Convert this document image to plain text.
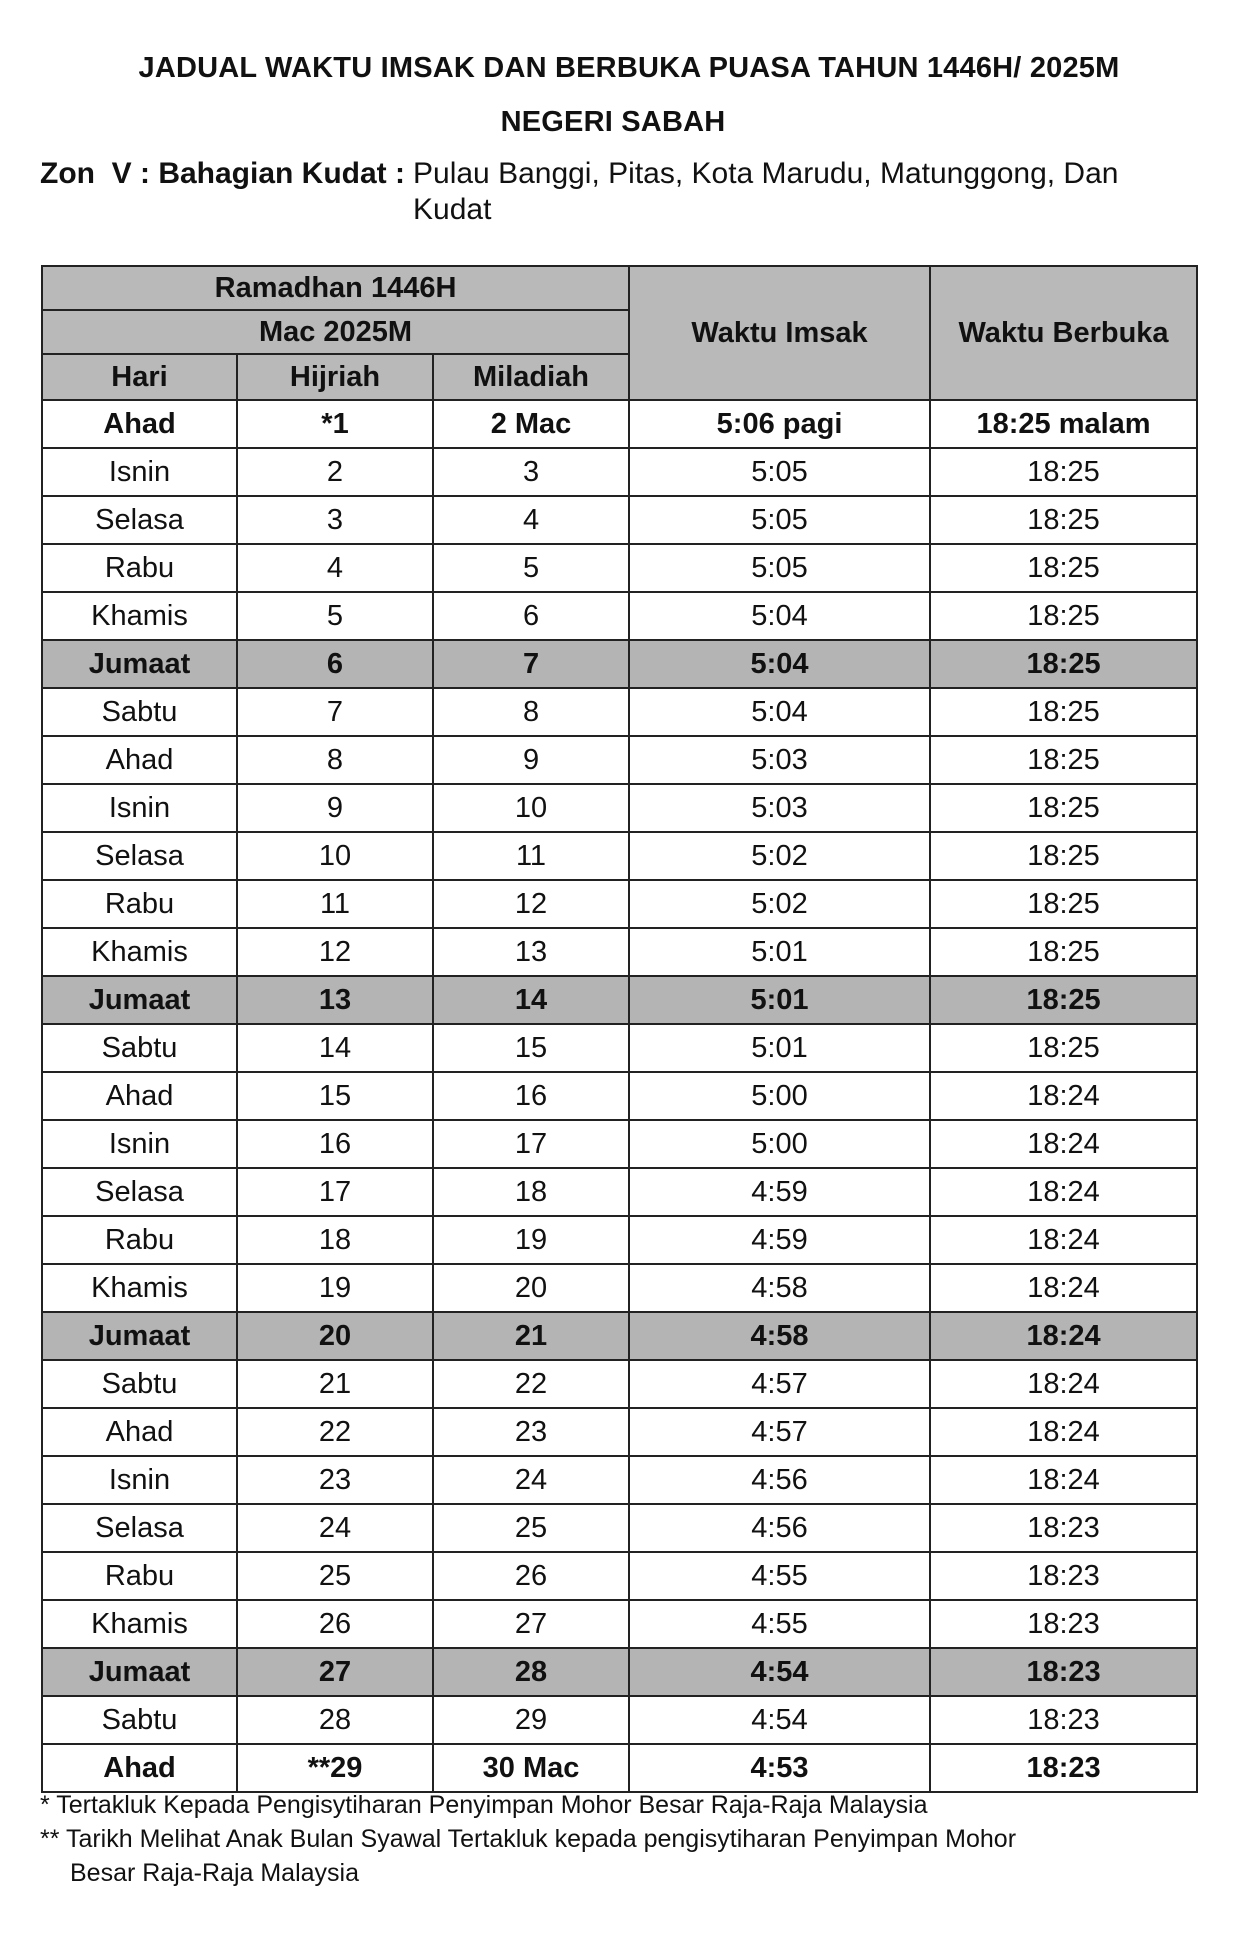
JADUAL WAKTU IMSAK DAN BERBUKA PUASA TAHUN 1446H/ 2025M
NEGERI SABAH
Zon  V : Bahagian Kudat : Pulau Banggi, Pitas, Kota Marudu, Matunggong, Dan Kudat
Ramadhan 1446H			Waktu Imsak	Waktu Berbuka
Mac 2025M				
Hari	Hijriah	Miladiah		
Ahad	*1	2 Mac	5:06 pagi	18:25 malam
Isnin	2	3	5:05	18:25
Selasa	3	4	5:05	18:25
Rabu	4	5	5:05	18:25
Khamis	5	6	5:04	18:25
Jumaat	6	7	5:04	18:25
Sabtu	7	8	5:04	18:25
Ahad	8	9	5:03	18:25
Isnin	9	10	5:03	18:25
Selasa	10	11	5:02	18:25
Rabu	11	12	5:02	18:25
Khamis	12	13	5:01	18:25
Jumaat	13	14	5:01	18:25
Sabtu	14	15	5:01	18:25
Ahad	15	16	5:00	18:24
Isnin	16	17	5:00	18:24
Selasa	17	18	4:59	18:24
Rabu	18	19	4:59	18:24
Khamis	19	20	4:58	18:24
Jumaat	20	21	4:58	18:24
Sabtu	21	22	4:57	18:24
Ahad	22	23	4:57	18:24
Isnin	23	24	4:56	18:24
Selasa	24	25	4:56	18:23
Rabu	25	26	4:55	18:23
Khamis	26	27	4:55	18:23
Jumaat	27	28	4:54	18:23
Sabtu	28	29	4:54	18:23
Ahad	**29	30 Mac	4:53	18:23
* Tertakluk Kepada Pengisytiharan Penyimpan Mohor Besar Raja-Raja Malaysia
** Tarikh Melihat Anak Bulan Syawal Tertakluk kepada pengisytiharan Penyimpan Mohor
Besar Raja-Raja Malaysia
